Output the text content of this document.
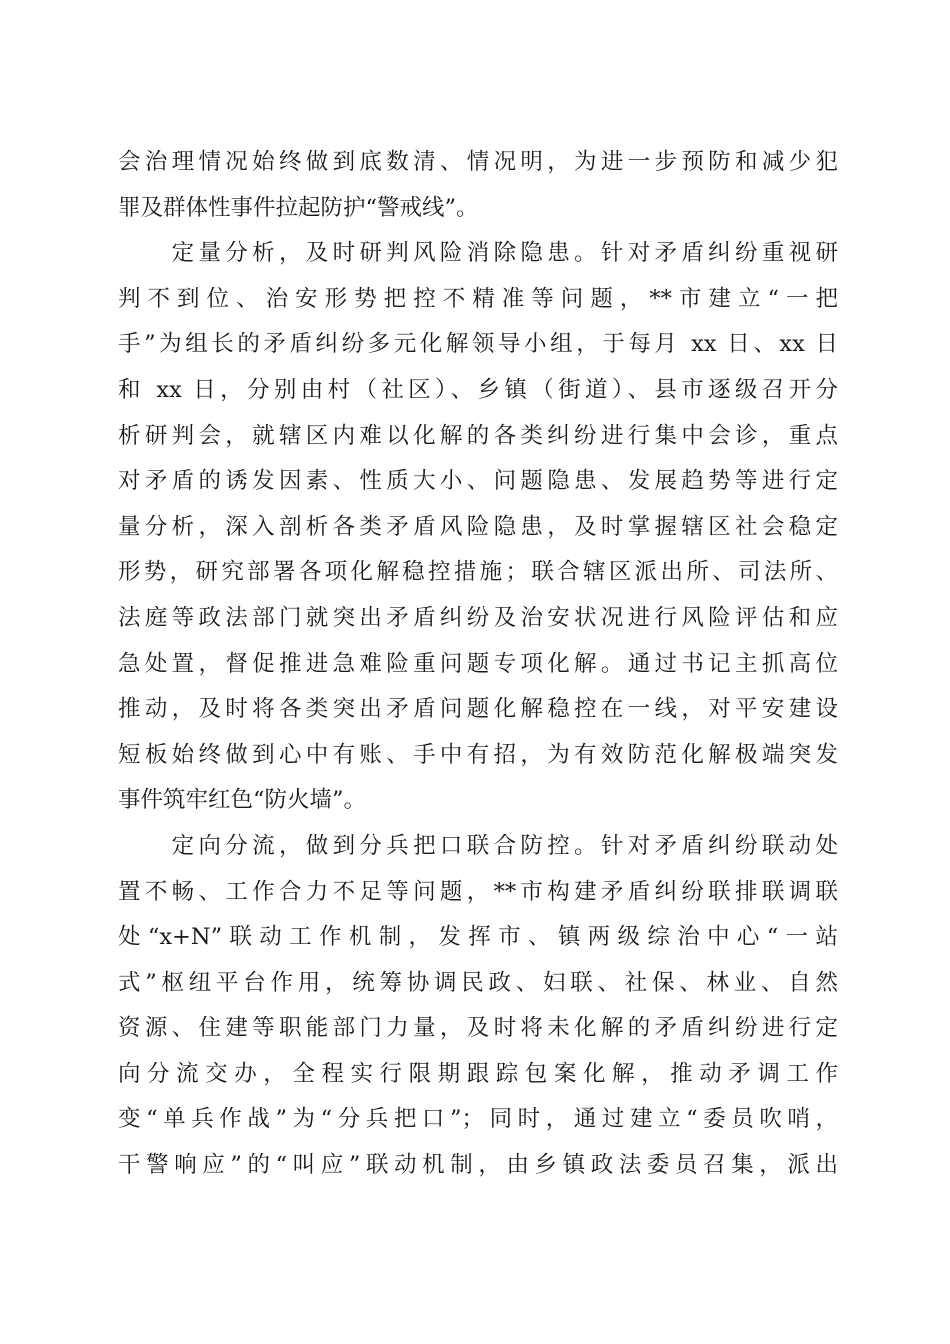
会治理情况始终做到底数清、情况明，为进一步预防和减少犯
罪及群体性事件拉起防护“警戒线”。
　　定量分析，及时研判风险消除隐患。针对矛盾纠纷重视研
判不到位、治安形势把控不精准等问题，**市建立“一把
手”为组长的矛盾纠纷多元化解领导小组，于每月 xx 日、xx 日
和 xx 日，分别由村（社区）、乡镇（街道）、县市逐级召开分
析研判会，就辖区内难以化解的各类纠纷进行集中会诊，重点
对矛盾的诱发因素、性质大小、问题隐患、发展趋势等进行定
量分析，深入剖析各类矛盾风险隐患，及时掌握辖区社会稳定
形势，研究部署各项化解稳控措施；联合辖区派出所、司法所、
法庭等政法部门就突出矛盾纠纷及治安状况进行风险评估和应
急处置，督促推进急难险重问题专项化解。通过书记主抓高位
推动，及时将各类突出矛盾问题化解稳控在一线，对平安建设
短板始终做到心中有账、手中有招，为有效防范化解极端突发
事件筑牢红色“防火墙”。
　　定向分流，做到分兵把口联合防控。针对矛盾纠纷联动处
置不畅、工作合力不足等问题，**市构建矛盾纠纷联排联调联
处“x+N”联动工作机制，发挥市、镇两级综治中心“一站
式”枢纽平台作用，统筹协调民政、妇联、社保、林业、自然
资源、住建等职能部门力量，及时将未化解的矛盾纠纷进行定
向分流交办，全程实行限期跟踪包案化解，推动矛调工作
变“单兵作战”为“分兵把口”；同时，通过建立“委员吹哨，
干警响应”的“叫应”联动机制，由乡镇政法委员召集，派出
